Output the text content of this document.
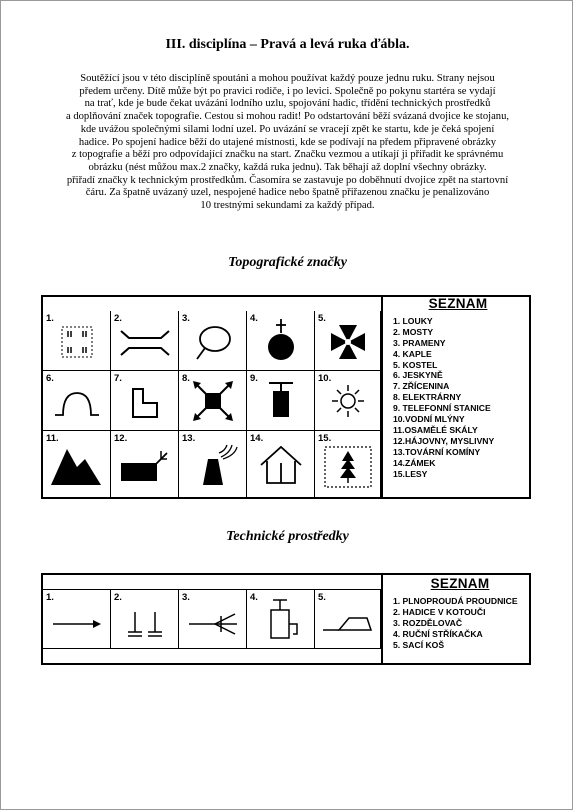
III. disciplína – Pravá a levá ruka ďábla.
Soutěžící jsou v této disciplíně spoutáni a mohou používat každý pouze jednu ruku. Strany nejsou
předem určeny. Dítě může být po pravici rodiče, i po levici. Společně po pokynu startéra se vydají
na trať, kde je bude čekat uvázání lodního uzlu, spojování hadic, třídění technických prostředků
a doplňování značek topografie. Cestou si mohou radit! Po odstartování běží svázaná dvojice ke stojanu,
kde uvážou společnými silami lodní uzel. Po uvázání se vracejí zpět ke startu, kde je čeká spojení
hadice. Po spojení hadice běží do utajené místnosti, kde se podívají na předem připravené obrázky
z topografie a běží pro odpovídající značku na start. Značku vezmou a utíkají ji přiřadit ke správnému
obrázku (nést můžou max.2 značky, každá ruka jednu). Tak běhají až doplní všechny obrázky.
přiřadí značky k technickým prostředkům. Časomíra se zastavuje po doběhnutí dvojice zpět na startovní
čáru. Za špatně uvázaný uzel, nespojené hadice nebo špatně přiřazenou značku je penalizováno
10 trestnými sekundami za každý případ.
Topografické značky
1.	2.	3.	4.	5.
6.	7.	8.	9.	10.
11.	12.	13.	14.	15.
SEZNAM
1. LOUKY
2. MOSTY
3. PRAMENY
4. KAPLE
5. KOSTEL
6. JESKYNĚ
7. ZŘÍCENINA
8. ELEKTRÁRNY
9. TELEFONNÍ STANICE
10.VODNÍ MLÝNY
11.OSAMĚLÉ SKÁLY
12.HÁJOVNY, MYSLIVNY
13.TOVÁRNÍ KOMÍNY
14.ZÁMEK
15.LESY
Technické prostředky
1.	2.	3.	4.	5.
SEZNAM
1. PLNOPROUDÁ PROUDNICE
2. HADICE V KOTOUČI
3. ROZDĚLOVAČ
4. RUČNÍ STŘÍKAČKA
5. SACÍ KOŠ
